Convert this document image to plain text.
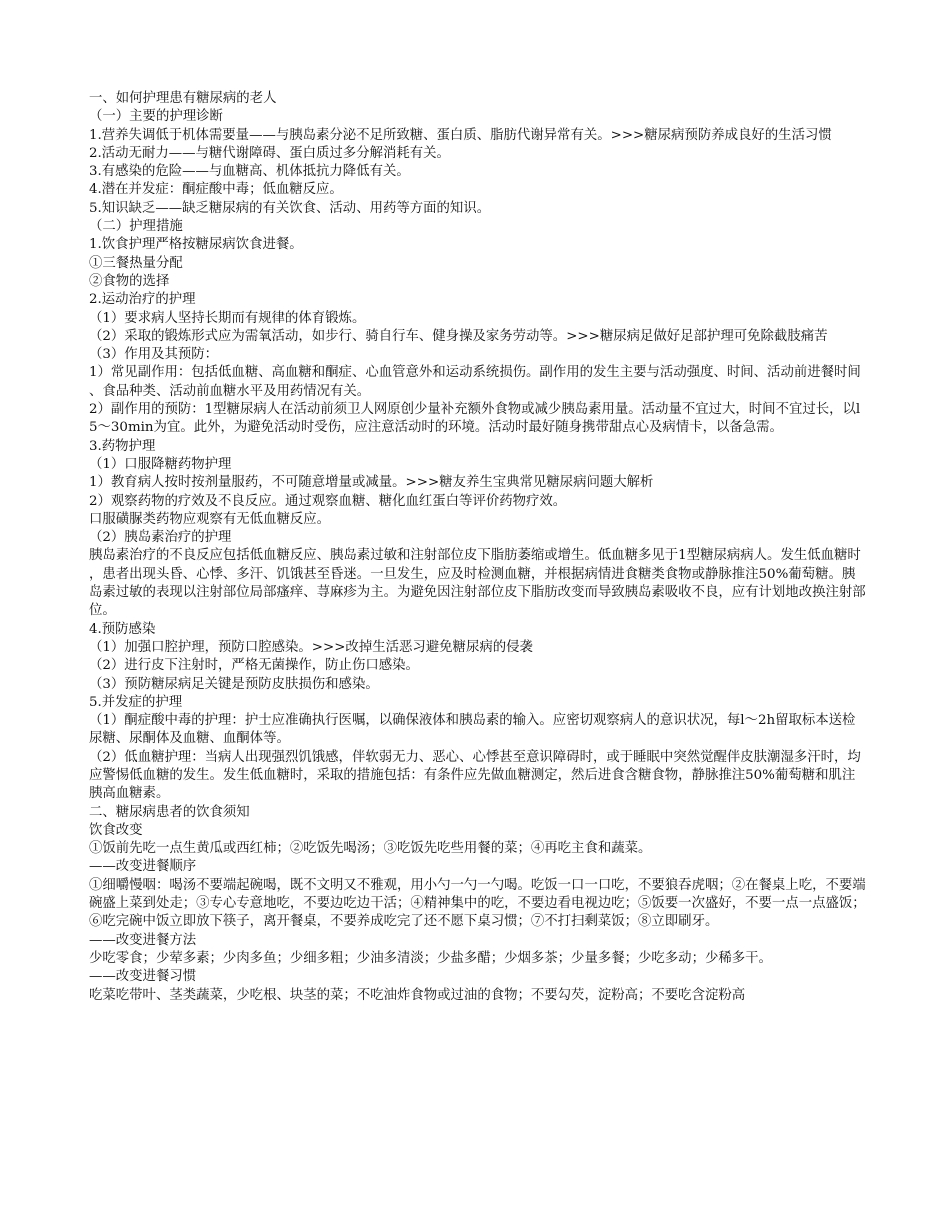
一、如何护理患有糖尿病的老人

（一）主要的护理诊断

1.营养失调低于机体需要量——与胰岛素分泌不足所致糖、蛋白质、脂肪代谢异常有关。>>>糖尿病预防养成良好的生活习惯

2.活动无耐力——与糖代谢障碍、蛋白质过多分解消耗有关。

3.有感染的危险——与血糖高、机体抵抗力降低有关。

4.潜在并发症：酮症酸中毒；低血糖反应。

5.知识缺乏——缺乏糖尿病的有关饮食、活动、用药等方面的知识。

（二）护理措施

1.饮食护理严格按糖尿病饮食进餐。

①三餐热量分配

②食物的选择

2.运动治疗的护理

（1）要求病人坚持长期而有规律的体育锻炼。

（2）采取的锻炼形式应为需氧活动，如步行、骑自行车、健身操及家务劳动等。>>>糖尿病足做好足部护理可免除截肢痛苦

（3）作用及其预防：

1）常见副作用：包括低血糖、高血糖和酮症、心血管意外和运动系统损伤。副作用的发生主要与活动强度、时间、活动前进餐时间、食品种类、活动前血糖水平及用药情况有关。

2）副作用的预防：1型糖尿病人在活动前须卫人网原创少量补充额外食物或减少胰岛素用量。活动量不宜过大，时间不宜过长，以l5～30min为宜。此外，为避免活动时受伤，应注意活动时的环境。活动时最好随身携带甜点心及病情卡，以备急需。

3.药物护理

（1）口服降糖药物护理

1）教育病人按时按剂量服药，不可随意增量或减量。>>>糖友养生宝典常见糖尿病问题大解析

2）观察药物的疗效及不良反应。通过观察血糖、糖化血红蛋白等评价药物疗效。

口服磺脲类药物应观察有无低血糖反应。

（2）胰岛素治疗的护理

胰岛素治疗的不良反应包括低血糖反应、胰岛素过敏和注射部位皮下脂肪萎缩或增生。低血糖多见于1型糖尿病病人。发生低血糖时，患者出现头昏、心悸、多汗、饥饿甚至昏迷。一旦发生，应及时检测血糖，并根据病情进食糖类食物或静脉推注50%葡萄糖。胰岛素过敏的表现以注射部位局部瘙痒、荨麻疹为主。为避免因注射部位皮下脂肪改变而导致胰岛素吸收不良，应有计划地改换注射部位。

4.预防感染

（1）加强口腔护理，预防口腔感染。>>>改掉生活恶习避免糖尿病的侵袭

（2）进行皮下注射时，严格无菌操作，防止伤口感染。

（3）预防糖尿病足关键是预防皮肤损伤和感染。

5.并发症的护理

（1）酮症酸中毒的护理：护士应准确执行医嘱，以确保液体和胰岛素的输入。应密切观察病人的意识状况，每l～2h留取标本送检尿糖、尿酮体及血糖、血酮体等。

（2）低血糖护理：当病人出现强烈饥饿感，伴软弱无力、恶心、心悸甚至意识障碍时，或于睡眠中突然觉醒伴皮肤潮湿多汗时，均应警惕低血糖的发生。发生低血糖时，采取的措施包括：有条件应先做血糖测定，然后进食含糖食物，静脉推注50%葡萄糖和肌注胰高血糖素。

二、糖尿病患者的饮食须知

饮食改变

①饭前先吃一点生黄瓜或西红柿；②吃饭先喝汤；③吃饭先吃些用餐的菜；④再吃主食和蔬菜。

——改变进餐顺序

①细嚼慢咽：喝汤不要端起碗喝，既不文明又不雅观，用小勺一勺一勺喝。吃饭一口一口吃，不要狼吞虎咽；②在餐桌上吃，不要端碗盛上菜到处走；③专心专意地吃，不要边吃边干活；④精神集中的吃，不要边看电视边吃；⑤饭要一次盛好，不要一点一点盛饭；⑥吃完碗中饭立即放下筷子，离开餐桌，不要养成吃完了还不愿下桌习惯；⑦不打扫剩菜饭；⑧立即刷牙。

——改变进餐方法

少吃零食；少荤多素；少肉多鱼；少细多粗；少油多清淡；少盐多醋；少烟多茶；少量多餐；少吃多动；少稀多干。

——改变进餐习惯

吃菜吃带叶、茎类蔬菜，少吃根、块茎的菜；不吃油炸食物或过油的食物；不要勾芡，淀粉高；不要吃含淀粉高
